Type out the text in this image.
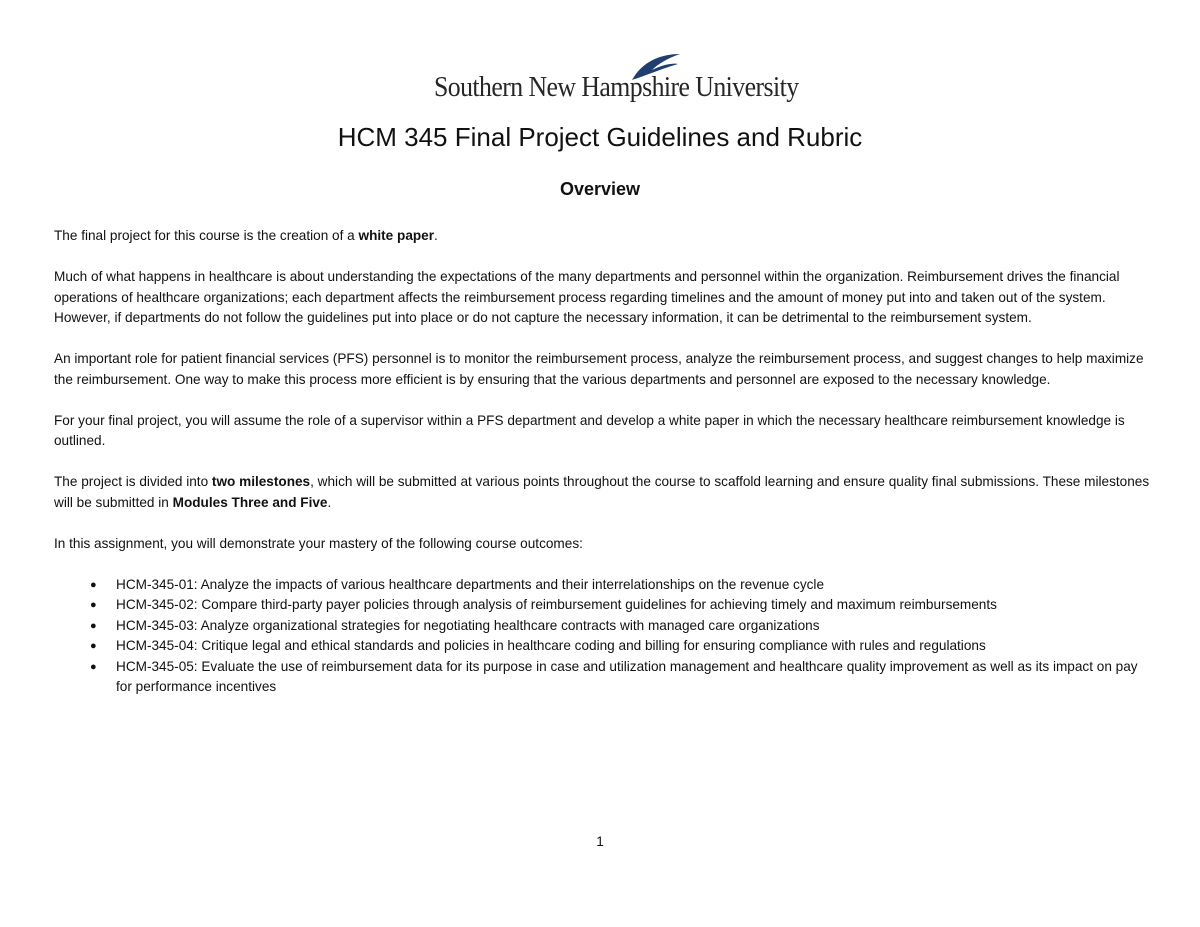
Southern New Hampshire University
HCM 345 Final Project Guidelines and Rubric
Overview

The final project for this course is the creation of a white paper.

Much of what happens in healthcare is about understanding the expectations of the many departments and personnel within the organization. Reimbursement drives the financial operations of healthcare organizations; each department affects the reimbursement process regarding timelines and the amount of money put into and taken out of the system. However, if departments do not follow the guidelines put into place or do not capture the necessary information, it can be detrimental to the reimbursement system.

An important role for patient financial services (PFS) personnel is to monitor the reimbursement process, analyze the reimbursement process, and suggest changes to help maximize the reimbursement. One way to make this process more efficient is by ensuring that the various departments and personnel are exposed to the necessary knowledge.

For your final project, you will assume the role of a supervisor within a PFS department and develop a white paper in which the necessary healthcare reimbursement knowledge is outlined.

The project is divided into two milestones, which will be submitted at various points throughout the course to scaffold learning and ensure quality final submissions. These milestones will be submitted in Modules Three and Five.

In this assignment, you will demonstrate your mastery of the following course outcomes:

● HCM-345-01: Analyze the impacts of various healthcare departments and their interrelationships on the revenue cycle
● HCM-345-02: Compare third-party payer policies through analysis of reimbursement guidelines for achieving timely and maximum reimbursements
● HCM-345-03: Analyze organizational strategies for negotiating healthcare contracts with managed care organizations
● HCM-345-04: Critique legal and ethical standards and policies in healthcare coding and billing for ensuring compliance with rules and regulations
● HCM-345-05: Evaluate the use of reimbursement data for its purpose in case and utilization management and healthcare quality improvement as well as its impact on pay for performance incentives
1
